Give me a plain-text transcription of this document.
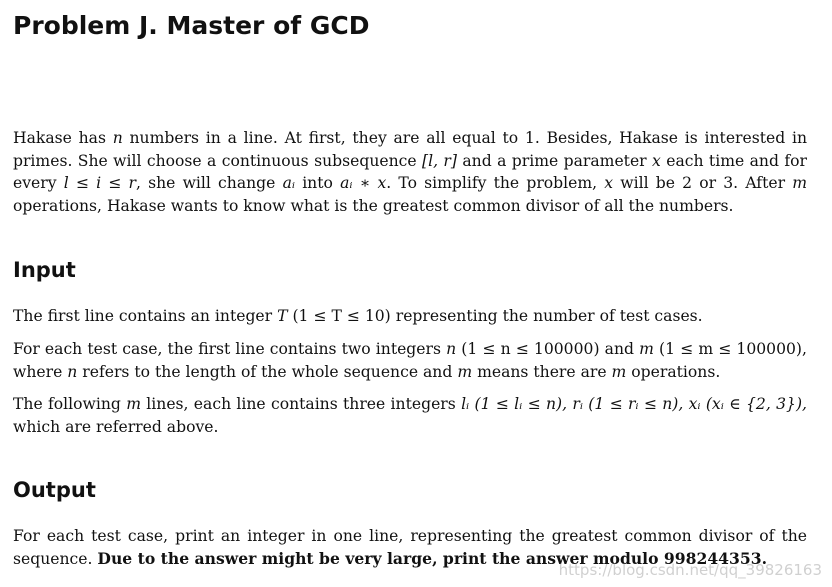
Problem J. Master of GCD

Hakase has n numbers in a line. At first, they are all equal to 1. Besides, Hakase is interested in primes. She will choose a continuous subsequence [l, r] and a prime parameter x each time and for every l ≤ i ≤ r, she will change aᵢ into aᵢ ∗ x. To simplify the problem, x will be 2 or 3. After m operations, Hakase wants to know what is the greatest common divisor of all the numbers.

Input

The first line contains an integer T (1 ≤ T ≤ 10) representing the number of test cases.

For each test case, the first line contains two integers n (1 ≤ n ≤ 100000) and m (1 ≤ m ≤ 100000), where n refers to the length of the whole sequence and m means there are m operations.

The following m lines, each line contains three integers lᵢ (1 ≤ lᵢ ≤ n), rᵢ (1 ≤ rᵢ ≤ n), xᵢ (xᵢ ∈ {2, 3}), which are referred above.

Output

For each test case, print an integer in one line, representing the greatest common divisor of the sequence. Due to the answer might be very large, print the answer modulo 998244353.

https://blog.csdn.net/qq_39826163
